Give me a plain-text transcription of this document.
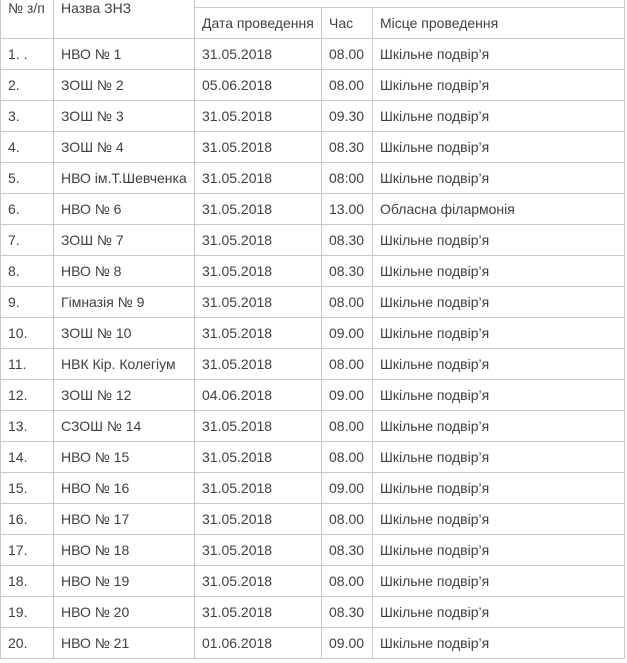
№ з/п	Назва ЗНЗ			
		Дата проведення	Час	Місце проведення
1. .	НВО № 1	31.05.2018	08.00	Шкільне подвір’я
2.	ЗОШ № 2	05.06.2018	08.00	Шкільне подвір’я
3.	ЗОШ № 3	31.05.2018	09.30	Шкільне подвір’я
4.	ЗОШ № 4	31.05.2018	08.30	Шкільне подвір’я
5.	НВО ім.Т.Шевченка	31.05.2018	08:00	Шкільне подвір’я
6.	НВО № 6	31.05.2018	13.00	Обласна філармонія
7.	ЗОШ № 7	31.05.2018	08.30	Шкільне подвір’я
8.	НВО № 8	31.05.2018	08.30	Шкільне подвір’я
9.	Гімназія № 9	31.05.2018	08.00	Шкільне подвір’я
10.	ЗОШ № 10	31.05.2018	09.00	Шкільне подвір’я
11.	НВК Кір. Колегіум	31.05.2018	08.00	Шкільне подвір’я
12.	ЗОШ № 12	04.06.2018	09.00	Шкільне подвір’я
13.	СЗОШ № 14	31.05.2018	08.00	Шкільне подвір’я
14.	НВО № 15	31.05.2018	08.00	Шкільне подвір’я
15.	НВО № 16	31.05.2018	09.00	Шкільне подвір’я
16.	НВО № 17	31.05.2018	08.00	Шкільне подвір’я
17.	НВО № 18	31.05.2018	08.30	Шкільне подвір’я
18.	НВО № 19	31.05.2018	08.00	Шкільне подвір’я
19.	НВО № 20	31.05.2018	08.30	Шкільне подвір’я
20.	НВО № 21	01.06.2018	09.00	Шкільне подвір’я
